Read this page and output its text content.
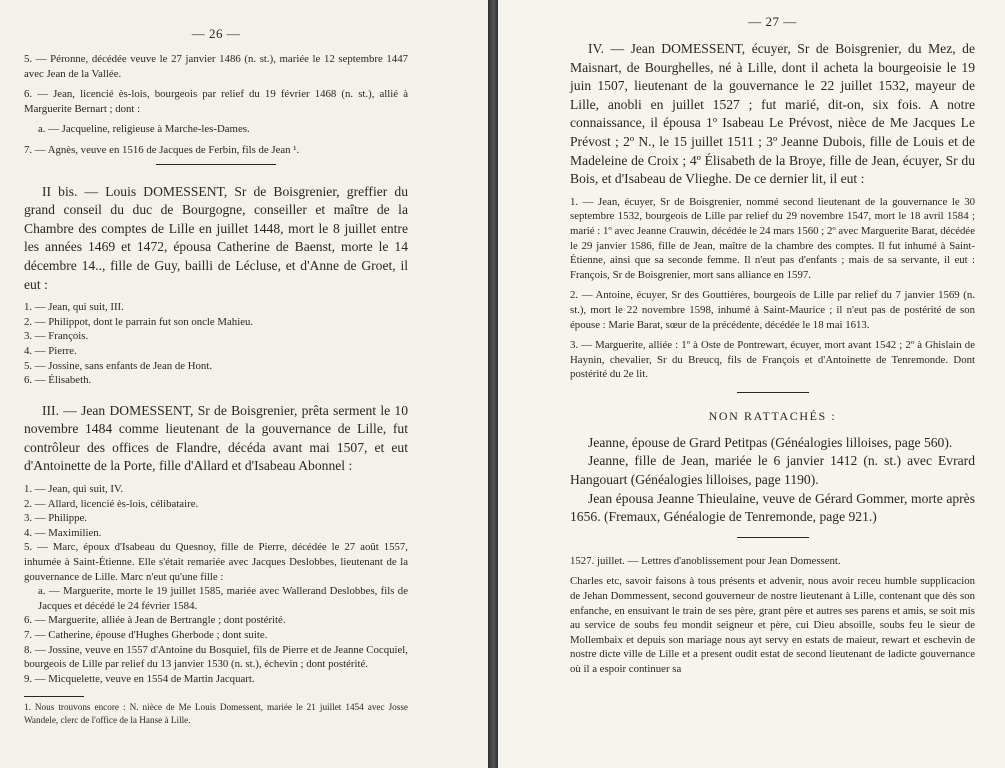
— 26 —

5. — Péronne, décédée veuve le 27 janvier 1486 (n. st.), mariée le 12 septembre 1447 avec Jean de la Vallée.

6. — Jean, licencié ès-lois, bourgeois par relief du 19 février 1468 (n. st.), allié à Marguerite Bernart ; dont :

a. — Jacqueline, religieuse à Marche-les-Dames.

7. — Agnès, veuve en 1516 de Jacques de Ferbin, fils de Jean ¹.

II bis. — Louis DOMESSENT, Sr de Boisgrenier, greffier du grand conseil du duc de Bourgogne, conseiller et maître de la Chambre des comptes de Lille en juillet 1448, mort le 8 juillet entre les années 1469 et 1472, épousa Catherine de Baenst, morte le 14 décembre 14.., fille de Guy, bailli de Lécluse, et d'Anne de Groet, il eut :

1. — Jean, qui suit, III.

2. — Philippot, dont le parrain fut son oncle Mahieu.

3. — François.

4. — Pierre.

5. — Jossine, sans enfants de Jean de Hont.

6. — Élisabeth.

III. — Jean DOMESSENT, Sr de Boisgrenier, prêta serment le 10 novembre 1484 comme lieutenant de la gouvernance de Lille, fut contrôleur des offices de Flandre, décéda avant mai 1507, et eut d'Antoinette de la Porte, fille d'Allard et d'Isabeau Abonnel :

1. — Jean, qui suit, IV.

2. — Allard, licencié ès-lois, célibataire.

3. — Philippe.

4. — Maximilien.

5. — Marc, époux d'Isabeau du Quesnoy, fille de Pierre, décédée le 27 août 1557, inhumée à Saint-Étienne. Elle s'était remariée avec Jacques Deslobbes, lieutenant de la gouvernance de Lille. Marc n'eut qu'une fille :

a. — Marguerite, morte le 19 juillet 1585, mariée avec Wallerand Deslobbes, fils de Jacques et décédé le 24 février 1584.

6. — Marguerite, alliée à Jean de Bertrangle ; dont postérité.

7. — Catherine, épouse d'Hughes Gherbode ; dont suite.

8. — Jossine, veuve en 1557 d'Antoine du Bosquiel, fils de Pierre et de Jeanne Cocquiel, bourgeois de Lille par relief du 13 janvier 1530 (n. st.), échevin ; dont postérité.

9. — Micquelette, veuve en 1554 de Martin Jacquart.

1. Nous trouvons encore : N. nièce de Me Louis Domessent, mariée le 21 juillet 1454 avec Josse Wandele, clerc de l'office de la Hanse à Lille.

— 27 —

IV. — Jean DOMESSENT, écuyer, Sr de Boisgrenier, du Mez, de Maisnart, de Bourghelles, né à Lille, dont il acheta la bourgeoisie le 19 juin 1507, lieutenant de la gouvernance le 22 juillet 1532, mayeur de Lille, anobli en juillet 1527 ; fut marié, dit-on, six fois. A notre connaissance, il épousa 1º Isabeau Le Prévost, nièce de Me Jacques Le Prévost ; 2º N., le 15 juillet 1511 ; 3º Jeanne Dubois, fille de Louis et de Madeleine de Croix ; 4º Élisabeth de la Broye, fille de Jean, écuyer, Sr du Bois, et d'Isabeau de Vlieghe. De ce dernier lit, il eut :

1. — Jean, écuyer, Sr de Boisgrenier, nommé second lieutenant de la gouvernance le 30 septembre 1532, bourgeois de Lille par relief du 29 novembre 1547, mort le 18 avril 1584 ; marié : 1º avec Jeanne Crauwin, décédée le 24 mars 1560 ; 2º avec Marguerite Barat, décédée le 29 janvier 1586, fille de Jean, maître de la chambre des comptes. Il fut inhumé à Saint-Étienne, ainsi que sa seconde femme. Il n'eut pas d'enfants ; mais de sa servante, il eut : François, Sr de Boisgrenier, mort sans alliance en 1597.

2. — Antoine, écuyer, Sr des Gouttières, bourgeois de Lille par relief du 7 janvier 1569 (n. st.), mort le 22 novembre 1598, inhumé à Saint-Maurice ; il n'eut pas de postérité de son épouse : Marie Barat, sœur de la précédente, décédée le 18 mai 1613.

3. — Marguerite, alliée : 1º à Oste de Pontrewart, écuyer, mort avant 1542 ; 2º à Ghislain de Haynin, chevalier, Sr du Breucq, fils de François et d'Antoinette de Tenremonde. Dont postérité du 2e lit.

NON RATTACHÉS :

Jeanne, épouse de Grard Petitpas (Généalogies lilloises, page 560).

Jeanne, fille de Jean, mariée le 6 janvier 1412 (n. st.) avec Evrard Hangouart (Généalogies lilloises, page 1190).

Jean épousa Jeanne Thieulaine, veuve de Gérard Gommer, morte après 1656. (Fremaux, Généalogie de Tenremonde, page 921.)

1527. juillet. — Lettres d'anoblissement pour Jean Domessent.

Charles etc, savoir faisons à tous présents et advenir, nous avoir receu humble supplicacion de Jehan Dommessent, second gouverneur de nostre lieutenant à Lille, contenant que dès son enfanche, en ensuivant le train de ses père, grant père et autres ses parens et amis, se soit mis au service de soubs feu mondit seigneur et père, cui Dieu absoille, soubs feu le sieur de Mollembaix et depuis son mariage nous ayt servy en estats de maieur, rewart et eschevin de nostre dicte ville de Lille et a present oudit estat de second lieutenant de ladicte gouvernance où il a espoir continuer sa
